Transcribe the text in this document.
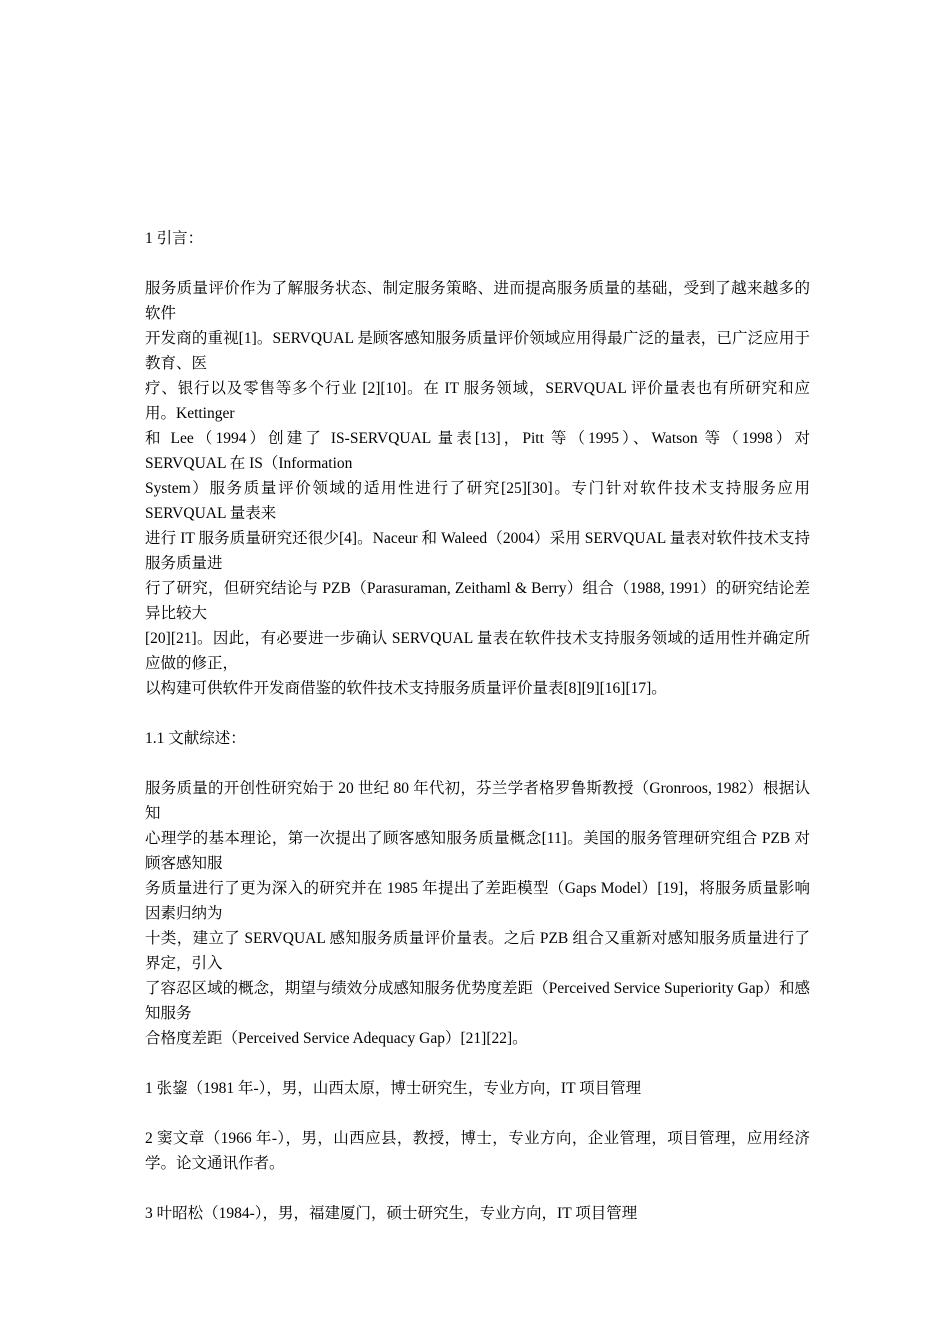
1 引言：
服务质量评价作为了解服务状态、制定服务策略、进而提高服务质量的基础，受到了越来越多的软件
开发商的重视[1]。SERVQUAL 是顾客感知服务质量评价领域应用得最广泛的量表，已广泛应用于教育、医
疗、银行以及零售等多个行业 [2][10]。在 IT 服务领域，SERVQUAL 评价量表也有所研究和应用。Kettinger
和 Lee（1994）创建了 IS-SERVQUAL 量表[13]，Pitt 等（1995）、Watson 等（1998）对 SERVQUAL 在 IS（Information
System）服务质量评价领域的适用性进行了研究[25][30]。专门针对软件技术支持服务应用 SERVQUAL 量表来
进行 IT 服务质量研究还很少[4]。Naceur 和 Waleed（2004）采用 SERVQUAL 量表对软件技术支持服务质量进
行了研究，但研究结论与 PZB（Parasuraman, Zeithaml & Berry）组合（1988, 1991）的研究结论差异比较大
[20][21]。因此，有必要进一步确认 SERVQUAL 量表在软件技术支持服务领域的适用性并确定所应做的修正，
以构建可供软件开发商借鉴的软件技术支持服务质量评价量表[8][9][16][17]。
1.1 文献综述：
服务质量的开创性研究始于 20 世纪 80 年代初，芬兰学者格罗鲁斯教授（Gronroos, 1982）根据认知
心理学的基本理论，第一次提出了顾客感知服务质量概念[11]。美国的服务管理研究组合 PZB 对顾客感知服
务质量进行了更为深入的研究并在 1985 年提出了差距模型（Gaps Model）[19]，将服务质量影响因素归纳为
十类，建立了 SERVQUAL 感知服务质量评价量表。之后 PZB 组合又重新对感知服务质量进行了界定，引入
了容忍区域的概念，期望与绩效分成感知服务优势度差距（Perceived Service Superiority Gap）和感知服务
合格度差距（Perceived Service Adequacy Gap）[21][22]。
1 张鋆（1981 年-），男，山西太原，博士研究生，专业方向，IT 项目管理
2 窦文章（1966 年-），男，山西应县，教授，博士，专业方向，企业管理，项目管理，应用经济学。论文通讯作者。
3 叶昭松（1984-），男，福建厦门，硕士研究生，专业方向，IT 项目管理
